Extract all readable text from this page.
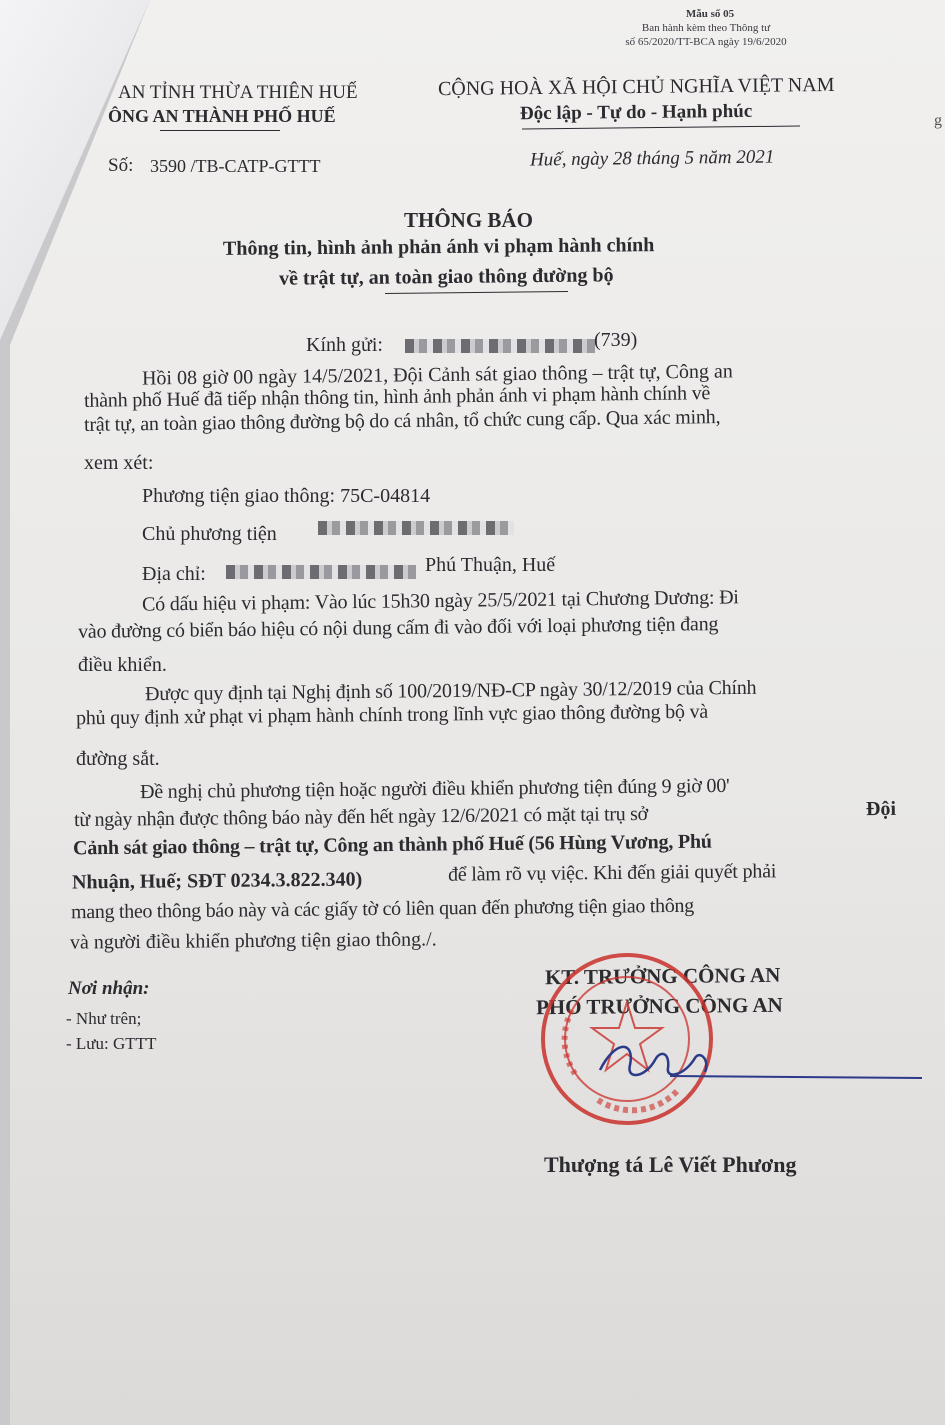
Mẫu số 05
Ban hành kèm theo Thông tư
số 65/2020/TT-BCA ngày 19/6/2020
AN TỈNH THỪA THIÊN HUẾ
ÔNG AN THÀNH PHỐ HUẾ
CỘNG HOÀ XÃ HỘI CHỦ NGHĨA VIỆT NAM
Độc lập - Tự do - Hạnh phúc
Số: 3590 /TB-CATP-GTTT	Huế, ngày 28 tháng 5 năm 2021
THÔNG BÁO
Thông tin, hình ảnh phản ánh vi phạm hành chính
về trật tự, an toàn giao thông đường bộ
Kính gửi:	(739)
Hồi 08 giờ 00 ngày 14/5/2021, Đội Cảnh sát giao thông – trật tự, Công an
thành phố Huế đã tiếp nhận thông tin, hình ảnh phản ánh vi phạm hành chính về
trật tự, an toàn giao thông đường bộ do cá nhân, tổ chức cung cấp. Qua xác minh,
xem xét:
Phương tiện giao thông: 75C-04814
Chủ phương tiện
Địa chỉ:	Phú Thuận, Huế
Có dấu hiệu vi phạm: Vào lúc 15h30 ngày 25/5/2021 tại Chương Dương: Đi
vào đường có biển báo hiệu có nội dung cấm đi vào đối với loại phương tiện đang
điều khiển.
Được quy định tại Nghị định số 100/2019/NĐ-CP ngày 30/12/2019 của Chính
phủ quy định xử phạt vi phạm hành chính trong lĩnh vực giao thông đường bộ và
đường sắt.
Đề nghị chủ phương tiện hoặc người điều khiển phương tiện đúng 9 giờ 00'
từ ngày nhận được thông báo này đến hết ngày 12/6/2021 có mặt tại trụ sở	Đội
Cảnh sát giao thông – trật tự, Công an thành phố Huế (56 Hùng Vương, Phú
Nhuận, Huế; SĐT 0234.3.822.340)	để làm rõ vụ việc. Khi đến giải quyết phải
mang theo thông báo này và các giấy tờ có liên quan đến phương tiện giao thông
và người điều khiển phương tiện giao thông./.
Nơi nhận:
- Như trên;
- Lưu: GTTT
KT. TRƯỞNG CÔNG AN
PHÓ TRƯỞNG CÔNG AN
Thượng tá Lê Viết Phương
g
